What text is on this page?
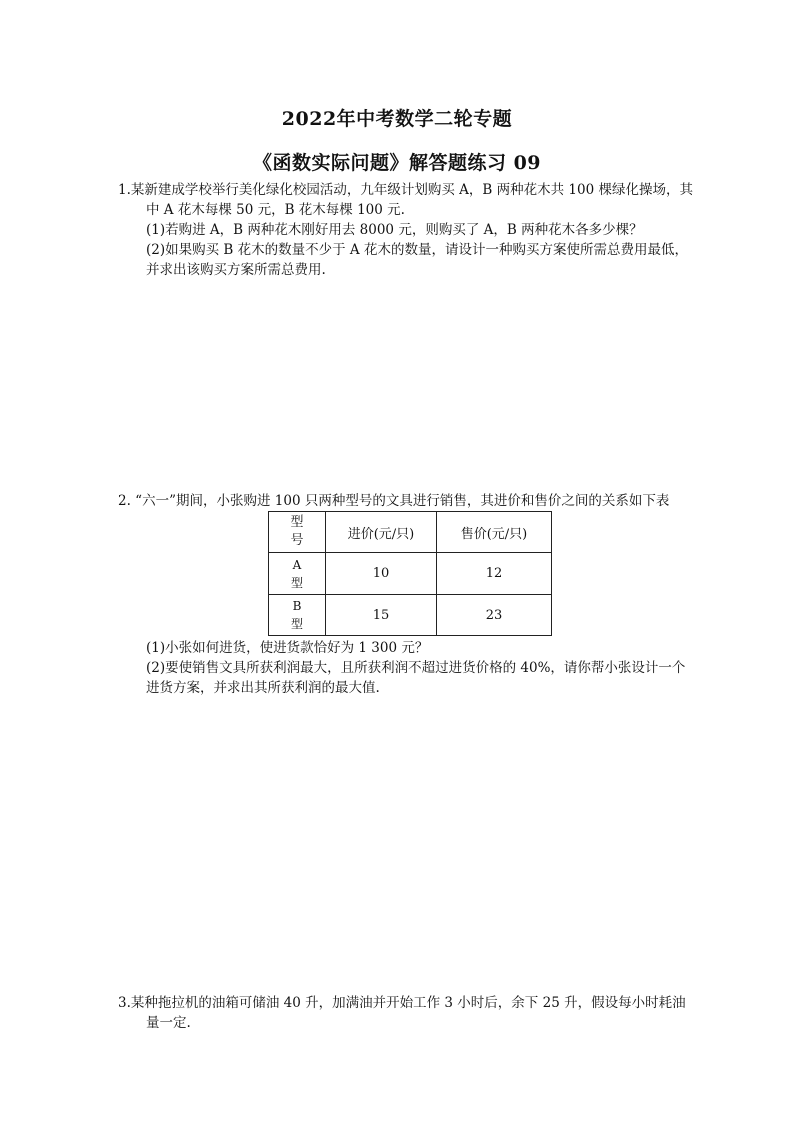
2022年中考数学二轮专题
《函数实际问题》解答题练习 09
1.某新建成学校举行美化绿化校园活动，九年级计划购买 A，B 两种花木共 100 棵绿化操场，其
中 A 花木每棵 50 元，B 花木每棵 100 元.
(1)若购进 A，B 两种花木刚好用去 8000 元，则购买了 A，B 两种花木各多少棵？
(2)如果购买 B 花木的数量不少于 A 花木的数量，请设计一种购买方案使所需总费用最低，
并求出该购买方案所需总费用.
2. “六一”期间，小张购进 100 只两种型号的文具进行销售，其进价和售价之间的关系如下表
型
号	进价(元/只)	售价(元/只)
A
型	10	12
B
型	15	23
(1)小张如何进货，使进货款恰好为 1 300 元？
(2)要使销售文具所获利润最大，且所获利润不超过进货价格的 40%，请你帮小张设计一个
进货方案，并求出其所获利润的最大值.
3.某种拖拉机的油箱可储油 40 升，加满油并开始工作 3 小时后，余下 25 升，假设每小时耗油
量一定.
